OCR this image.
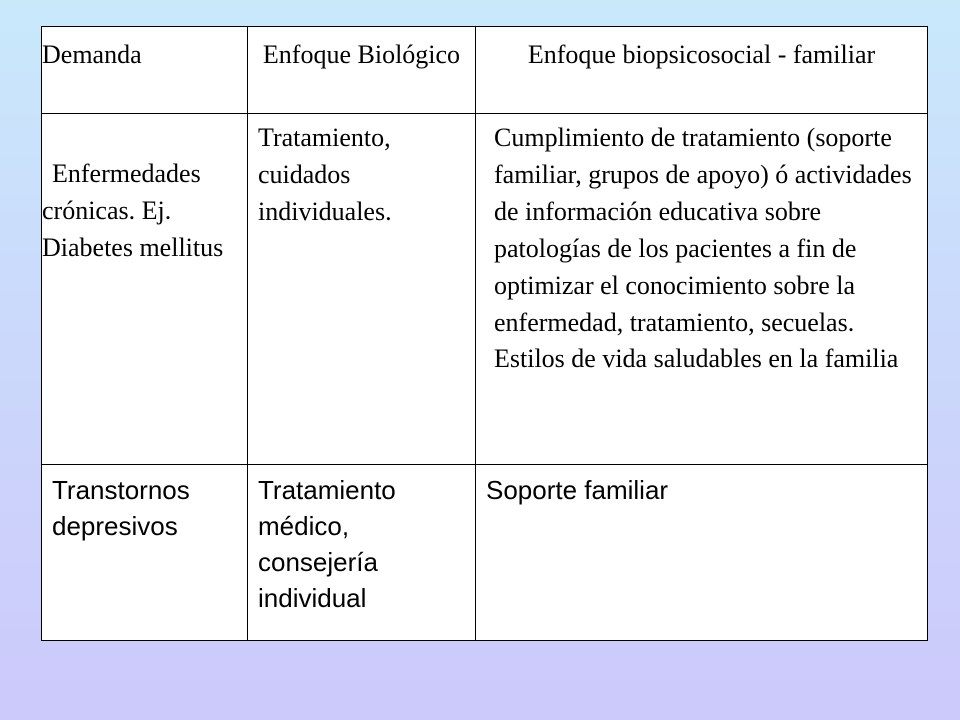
Demanda	Enfoque Biológico	Enfoque biopsicosocial - familiar

Enfermedades crónicas. Ej. Diabetes mellitus	Tratamiento, cuidados individuales.	Cumplimiento de tratamiento (soporte familiar, grupos de apoyo) ó actividades de información educativa sobre patologías de los pacientes a fin de optimizar el conocimiento sobre la enfermedad, tratamiento, secuelas. Estilos de vida saludables en la familia

Transtornos depresivos	Tratamiento médico, consejería individual	Soporte familiar
